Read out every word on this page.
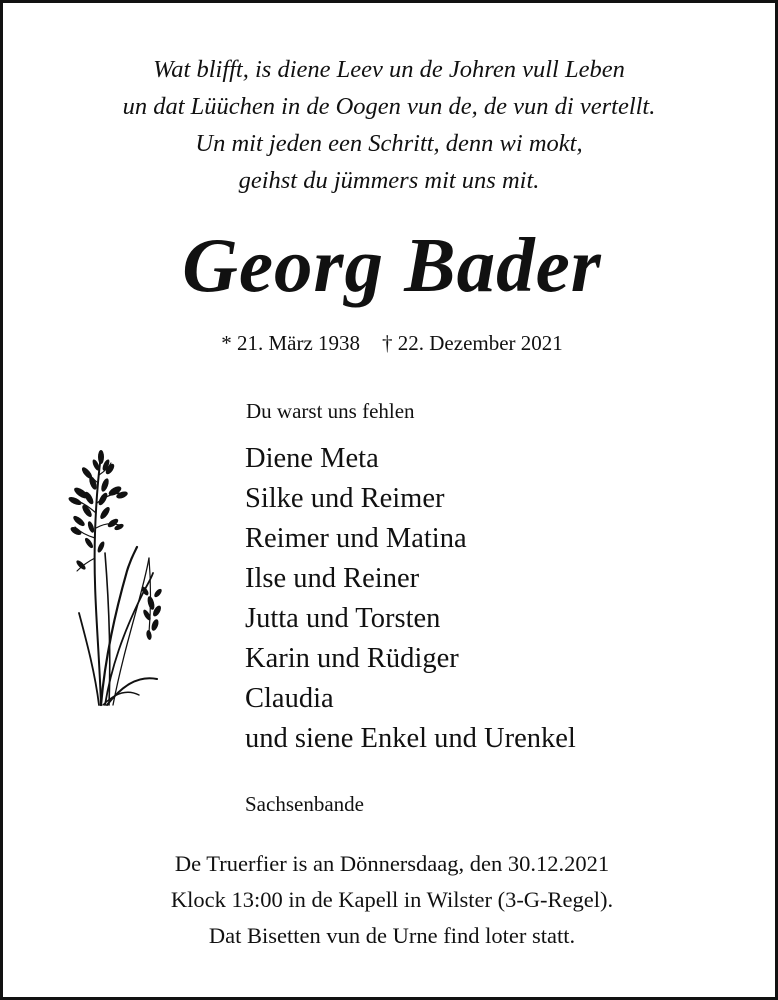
Wat blifft, is diene Leev un de Johren vull Leben
un dat Lüüchen in de Oogen vun de, de vun di vertellt.
Un mit jeden een Schritt, denn wi mokt,
geihst du jümmers mit uns mit.
Georg Bader
* 21. März 1938 † 22. Dezember 2021
Du warst uns fehlen
Diene Meta
Silke und Reimer
Reimer und Matina
Ilse und Reiner
Jutta und Torsten
Karin und Rüdiger
Claudia
und siene Enkel und Urenkel
Sachsenbande
De Truerfier is an Dönnersdaag, den 30.12.2021
Klock 13:00 in de Kapell in Wilster (3-G-Regel).
Dat Bisetten vun de Urne find loter statt.
